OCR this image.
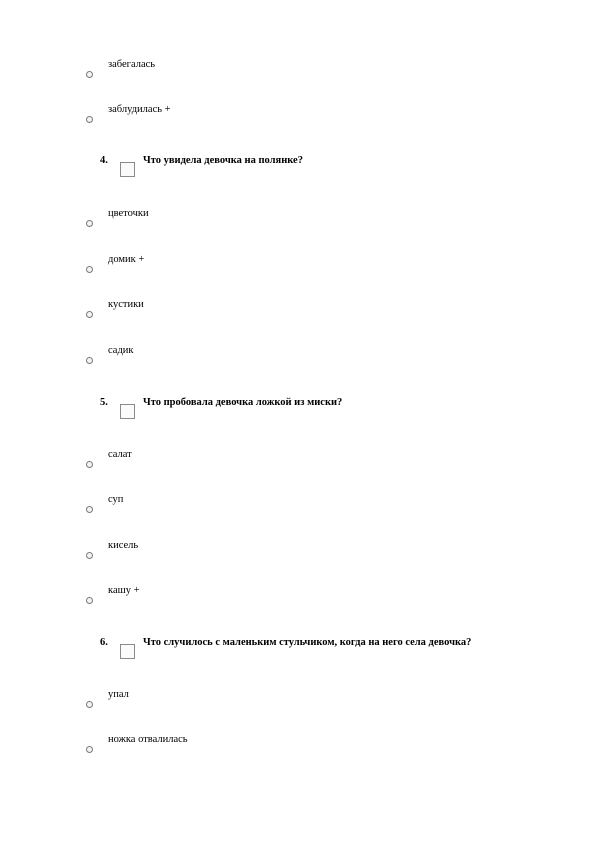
забегалась
заблудилась +
4.	Что увидела девочка на полянке?
цветочки
домик +
кустики
садик
5.	Что пробовала девочка ложкой из миски?
салат
суп
кисель
кашу +
6.	Что случилось с маленьким стульчиком, когда на него села девочка?
упал
ножка отвалилась
